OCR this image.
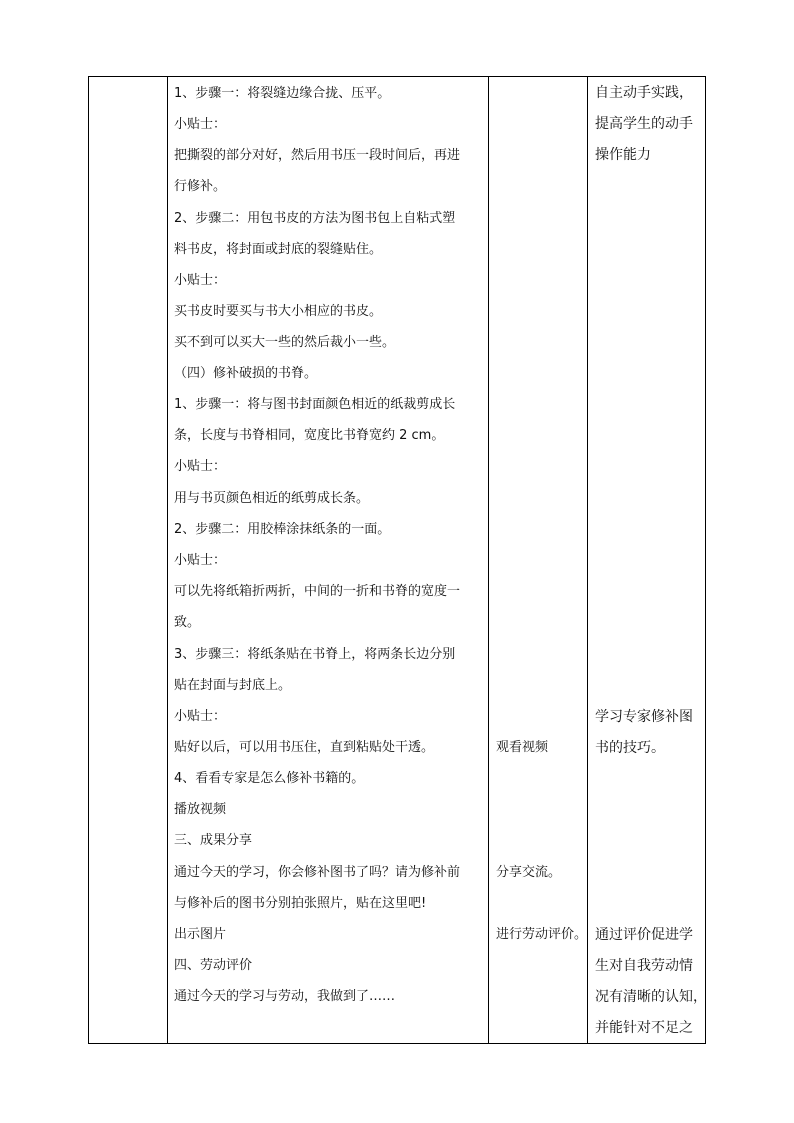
1、步骤一：将裂缝边缘合拢、压平。
小贴士：
把撕裂的部分对好，然后用书压一段时间后，再进
行修补。
2、步骤二：用包书皮的方法为图书包上自粘式塑
料书皮，将封面或封底的裂缝贴住。
小贴士：
买书皮时要买与书大小相应的书皮。
买不到可以买大一些的然后裁小一些。
（四）修补破损的书脊。
1、步骤一：将与图书封面颜色相近的纸裁剪成长
条，长度与书脊相同，宽度比书脊宽约 2 cm。
小贴士：
用与书页颜色相近的纸剪成长条。
2、步骤二：用胶棒涂抹纸条的一面。
小贴士：
可以先将纸箱折两折，中间的一折和书脊的宽度一
致。
3、步骤三：将纸条贴在书脊上，将两条长边分别
贴在封面与封底上。
小贴士：
贴好以后，可以用书压住，直到粘贴处干透。
4、看看专家是怎么修补书籍的。
播放视频
三、成果分享
通过今天的学习，你会修补图书了吗？请为修补前
与修补后的图书分别拍张照片，贴在这里吧!
出示图片
四、劳动评价
通过今天的学习与劳动，我做到了……
观看视频
分享交流。
进行劳动评价。
自主动手实践，
提高学生的动手
操作能力
学习专家修补图
书的技巧。
通过评价促进学
生对自我劳动情
况有清晰的认知，
并能针对不足之
